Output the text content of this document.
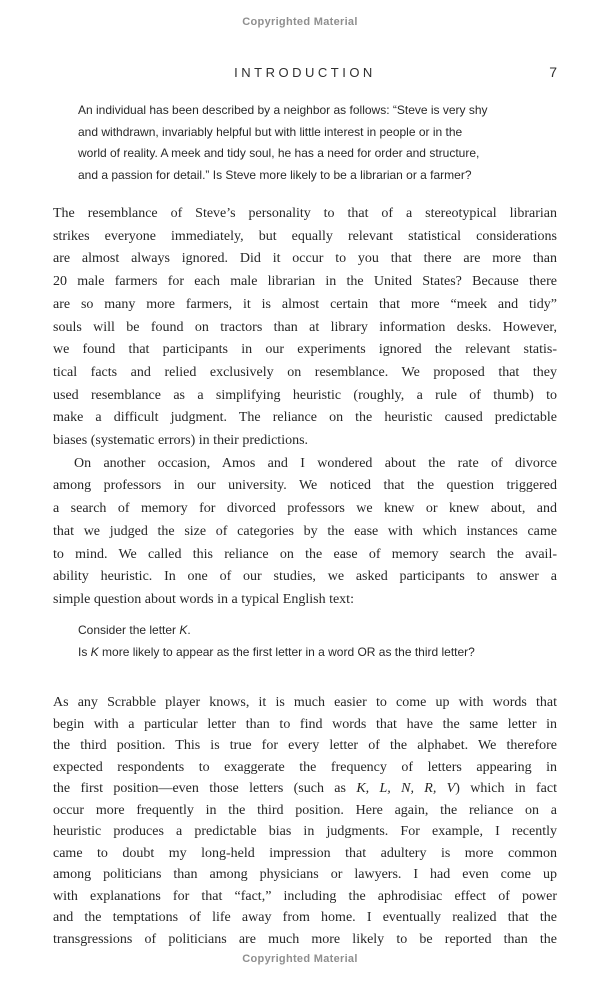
Copyrighted Material
INTRODUCTION	7
An individual has been described by a neighbor as follows: “Steve is very shy
and withdrawn, invariably helpful but with little interest in people or in the
world of reality. A meek and tidy soul, he has a need for order and structure,
and a passion for detail.” Is Steve more likely to be a librarian or a farmer?
The resemblance of Steve’s personality to that of a stereotypical librarian
strikes everyone immediately, but equally relevant statistical considerations
are almost always ignored. Did it occur to you that there are more than
20 male farmers for each male librarian in the United States? Because there
are so many more farmers, it is almost certain that more “meek and tidy”
souls will be found on tractors than at library information desks. However,
we found that participants in our experiments ignored the relevant statis-
tical facts and relied exclusively on resemblance. We proposed that they
used resemblance as a simplifying heuristic (roughly, a rule of thumb) to
make a difficult judgment. The reliance on the heuristic caused predictable
biases (systematic errors) in their predictions.
On another occasion, Amos and I wondered about the rate of divorce
among professors in our university. We noticed that the question triggered
a search of memory for divorced professors we knew or knew about, and
that we judged the size of categories by the ease with which instances came
to mind. We called this reliance on the ease of memory search the avail-
ability heuristic. In one of our studies, we asked participants to answer a
simple question about words in a typical English text:
Consider the letter K.
Is K more likely to appear as the first letter in a word OR as the third letter?
As any Scrabble player knows, it is much easier to come up with words that
begin with a particular letter than to find words that have the same letter in
the third position. This is true for every letter of the alphabet. We therefore
expected respondents to exaggerate the frequency of letters appearing in
the first position—even those letters (such as K, L, N, R, V) which in fact
occur more frequently in the third position. Here again, the reliance on a
heuristic produces a predictable bias in judgments. For example, I recently
came to doubt my long-held impression that adultery is more common
among politicians than among physicians or lawyers. I had even come up
with explanations for that “fact,” including the aphrodisiac effect of power
and the temptations of life away from home. I eventually realized that the
transgressions of politicians are much more likely to be reported than the
Copyrighted Material
